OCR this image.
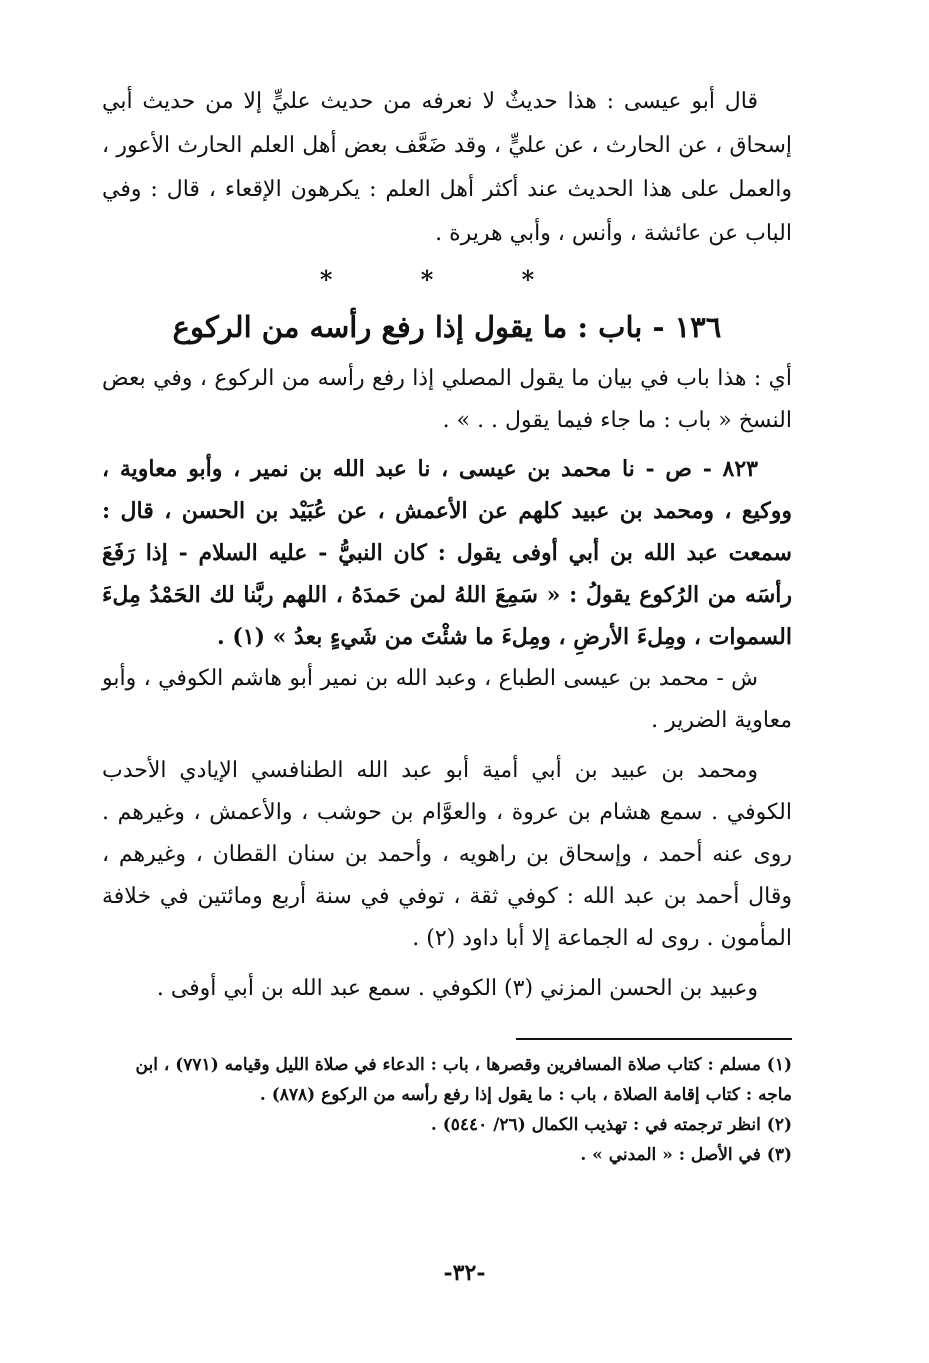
قال أبو عيسى : هذا حديثٌ لا نعرفه من حديث عليٍّ إلا من حديث أبي إسحاق ، عن الحارث ، عن عليٍّ ، وقد ضَعَّف بعض أهل العلم الحارث الأعور ، والعمل على هذا الحديث عند أكثر أهل العلم : يكرهون الإقعاء ، قال : وفي الباب عن عائشة ، وأنس ، وأبي هريرة .

* * *
١٣٦ - باب : ما يقول إذا رفع رأسه من الركوع

أي : هذا باب في بيان ما يقول المصلي إذا رفع رأسه من الركوع ، وفي بعض النسخ « باب : ما جاء فيما يقول . . » .

٨٢٣ - ص - نا محمد بن عيسى ، نا عبد الله بن نمير ، وأبو معاوية ، ووكيع ، ومحمد بن عبيد كلهم عن الأعمش ، عن عُبَيْد بن الحسن ، قال : سمعت عبد الله بن أبي أوفى يقول : كان النبيُّ - عليه السلام - إذا رَفَعَ رأسَه من الرُكوع يقولُ : « سَمِعَ اللهُ لمن حَمدَهُ ، اللهم ربَّنا لك الحَمْدُ مِلءَ السموات ، ومِلءَ الأرضِ ، ومِلءَ ما شئْتَ من شَيءٍ بعدُ » (١) .

ش - محمد بن عيسى الطباع ، وعبد الله بن نمير أبو هاشم الكوفي ، وأبو معاوية الضرير .

ومحمد بن عبيد بن أبي أمية أبو عبد الله الطنافسي الإيادي الأحدب الكوفي . سمع هشام بن عروة ، والعوَّام بن حوشب ، والأعمش ، وغيرهم . روى عنه أحمد ، وإسحاق بن راهويه ، وأحمد بن سنان القطان ، وغيرهم ، وقال أحمد بن عبد الله : كوفي ثقة ، توفي في سنة أربع ومائتين في خلافة المأمون . روى له الجماعة إلا أبا داود (٢) .

وعبيد بن الحسن المزني (٣) الكوفي . سمع عبد الله بن أبي أوفى .

(١) مسلم : كتاب صلاة المسافرين وقصرها ، باب : الدعاء في صلاة الليل وقيامه (٧٧١) ، ابن ماجه : كتاب إقامة الصلاة ، باب : ما يقول إذا رفع رأسه من الركوع (٨٧٨) .

(٢) انظر ترجمته في : تهذيب الكمال (٢٦/ ٥٤٤٠) .

(٣) في الأصل : « المدني » .

-٣٢-
